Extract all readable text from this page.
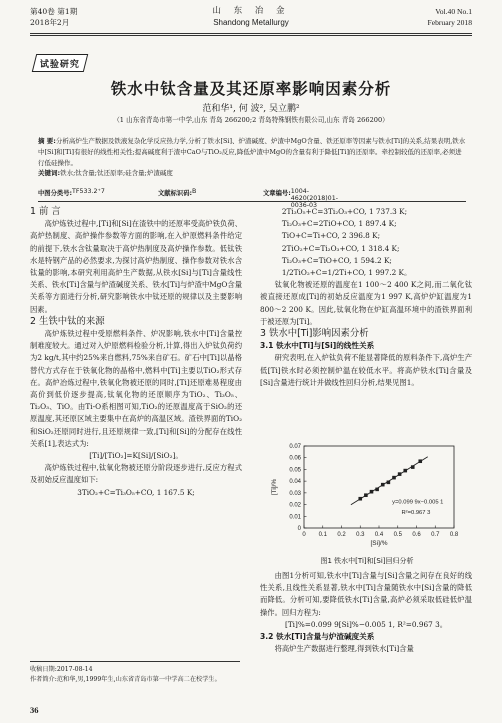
第40卷 第1期
2018年2月
山 东 冶 金
Shandong Metallurgy
Vol.40 No.1
February 2018
试验研究
铁水中钛含量及其还原率影响因素分析
范和华¹, 何 波², 吴立鹏²
（1 山东省青岛市第一中学,山东 青岛 266200;2 青岛特殊钢铁有限公司,山东 青岛 266200）
摘 要:分析高炉生产数据及铁液复杂化学反应热力学,分析了铁水[Si]、炉渣碱度、炉渣中MgO含量、铁还原率等因素与铁水[Ti]的关系,结果表明,铁水中[Si]和[Ti]有很好的线性相关性;提高碱度利于渣中CaO与TiO₂反应,降低炉渣中MgO的含量有利于降低[Ti]的还原率。牵控制较低的还原率,必须进行低硅操作。
关键词:铁水;钛含量;钛还原率;硅含量;炉渣碱度
中图分类号: TF533.2⁺7	文献标识码: B	文章编号: 1004-4620(2018)01-0036-03

1 前 言

高炉炼铁过程中,[Ti]和[Si]在渣铁中的还原率受高炉铁负荷、高炉热制度、高炉操作参数等方面的影响,在入炉原燃料条件给定的前提下,铁水含钛量取决于高炉热制度及高炉操作参数。低钛铁水是特钢产品的必然要求,为探讨高炉热制度、操作参数对铁水含钛量的影响,本研究利用高炉生产数据,从铁水[Si]与[Ti]含量线性关系、铁水[Ti]含量与炉渣碱度关系、铁水[Ti]与炉渣中MgO含量关系等方面进行分析,研究影响铁水中钛还原的规律以及主要影响因素。

2 生铁中钛的来源

高炉炼铁过程中受原燃料条件、炉况影响,铁水中[Ti]含量控制难度较大。通过对入炉原燃料检验分析,计算,得出入炉钛负荷约为2 kg/t,其中约25%来自燃料,75%来自矿石。矿石中[Ti]以晶格替代方式存在于铁氧化物的晶格中,燃料中[Ti]主要以TiO₂形式存在。高炉冶炼过程中,铁氧化物被还原的同时,[Ti]还原难易程度由高价到低价逐步提高,钛氧化物的还原顺序为TiO₂、Ti₃O₅、Ti₂O₃、TiO。由Ti-O系相图可知,TiO₂的还原温度高于SiO₂的还原温度,其还原区域主要集中在高炉的高温区域。渣铁界面的TiO₂和SiO₂还原同时进行,且还原规律一致,[Ti]和[Si]的分配存在线性关系[1],表达式为:

[Ti]/[TiO₂]=K[Si]/[SiO₂]。

高炉炼铁过程中,钛氧化物被还原分阶段逐步进行,反应方程式及初始反应温度如下:

3TiO₂+C=Ti₃O₅+CO, 1 167.5 K;

2Ti₃O₅+C=3Ti₂O₃+CO, 1 737.3 K;

Ti₂O₃+C=2TiO+CO, 1 897.4 K;

TiO+C=Ti+CO, 2 396.8 K;

2TiO₂+C=Ti₂O₃+CO, 1 318.4 K;

Ti₂O₃+C=TiO+CO, 1 594.2 K;

1/2TiO₂+C=1/2Ti+CO, 1 997.2 K。

钛氧化物被还原的温度在1 100～2 400 K之间,而二氧化钛被直接还原成[Ti]的初始反应温度为1 997 K,高炉炉缸温度为1 800～2 200 K。因此,钛氧化物在炉缸高温环境中的渣铁界面利于被还原为[Ti]。

3 铁水中[Ti]影响因素分析

3.1 铁水中[Ti]与[Si]的线性关系

研究表明,在入炉钛负荷不能显著降低的原料条件下,高炉生产低[Ti]铁水时必须控制炉温在较低水平。将高炉铁水[Ti]含量及[Si]含量进行统计并做线性回归分析,结果见图1。

0 0.1 0.2 0.3 0.4 0.5 0.6 0.7 0.8
0
0.01
0.02
0.03
0.04
0.05
0.06
0.07
[Si]/%
[Ti]/%
y=0.099 9x−0.005 1
R²=0.967 3
图1 铁水中[Ti]和[Si]回归分析

由图1分析可知,铁水中[Ti]含量与[Si]含量之间存在良好的线性关系,且线性关系显著,铁水中[Ti]含量随铁水中[Si]含量的降低而降低。分析可知,要降低铁水[Ti]含量,高炉必须采取低硅低炉温操作。回归方程为:

[Ti]%=0.099 9[Si]%−0.005 1, R²=0.967 3。

3.2 铁水[Ti]含量与炉渣碱度关系

将高炉生产数据进行整理,得到铁水[Ti]含量

收稿日期:2017-08-14
作者简介:范和华,男,1999年生,山东省青岛市第一中学高二在校学生。
36
